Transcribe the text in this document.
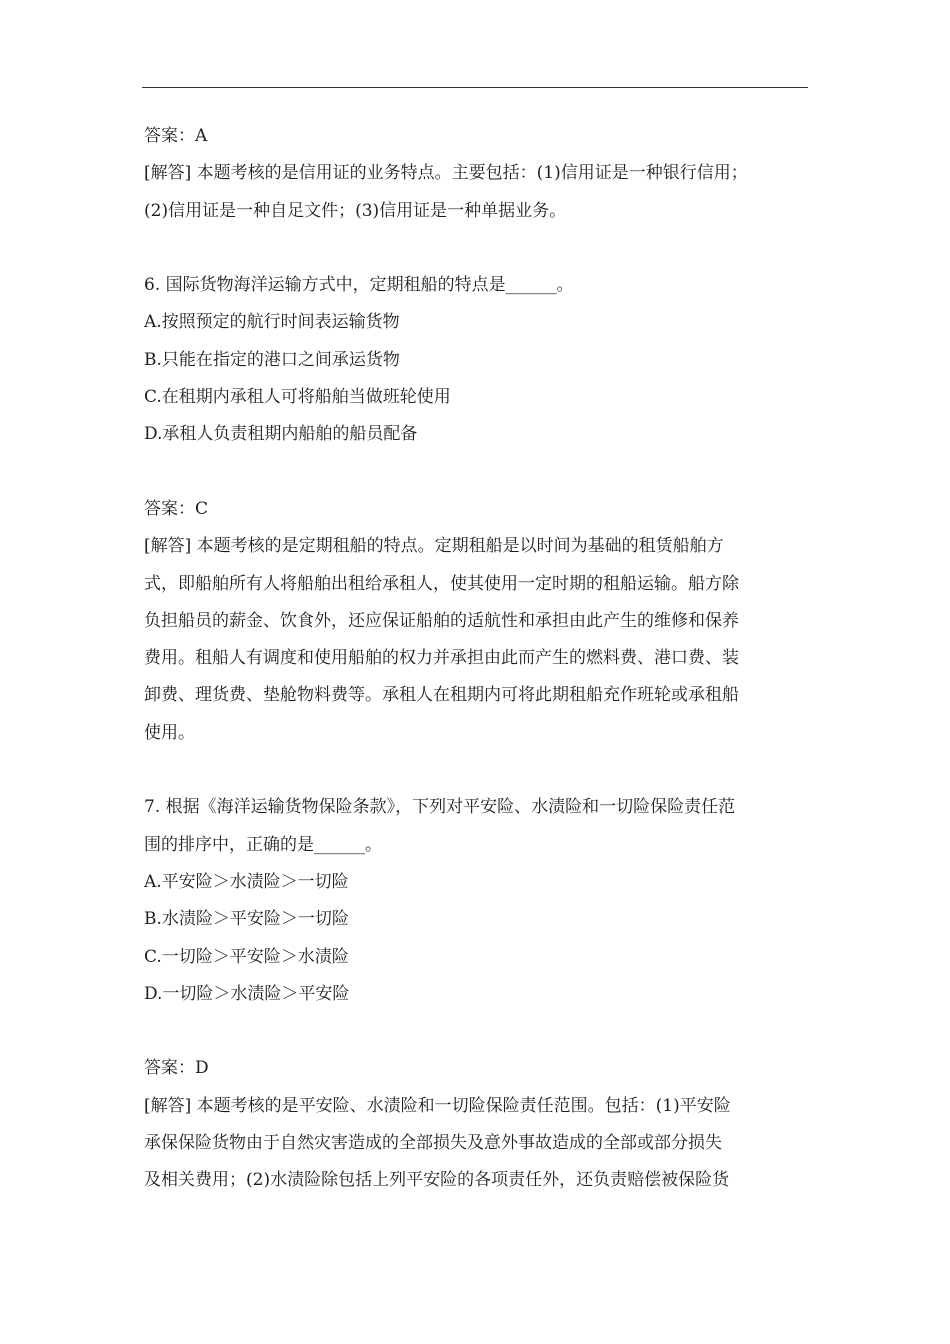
答案：A
[解答] 本题考核的是信用证的业务特点。主要包括：(1)信用证是一种银行信用；
(2)信用证是一种自足文件；(3)信用证是一种单据业务。
6. 国际货物海洋运输方式中，定期租船的特点是______。
A.按照预定的航行时间表运输货物
B.只能在指定的港口之间承运货物
C.在租期内承租人可将船舶当做班轮使用
D.承租人负责租期内船舶的船员配备
答案：C
[解答] 本题考核的是定期租船的特点。定期租船是以时间为基础的租赁船舶方
式，即船舶所有人将船舶出租给承租人，使其使用一定时期的租船运输。船方除
负担船员的薪金、饮食外，还应保证船舶的适航性和承担由此产生的维修和保养
费用。租船人有调度和使用船舶的权力并承担由此而产生的燃料费、港口费、装
卸费、理货费、垫舱物料费等。承租人在租期内可将此期租船充作班轮或承租船
使用。
7. 根据《海洋运输货物保险条款》，下列对平安险、水渍险和一切险保险责任范
围的排序中，正确的是______。
A.平安险＞水渍险＞一切险
B.水渍险＞平安险＞一切险
C.一切险＞平安险＞水渍险
D.一切险＞水渍险＞平安险
答案：D
[解答] 本题考核的是平安险、水渍险和一切险保险责任范围。包括：(1)平安险
承保保险货物由于自然灾害造成的全部损失及意外事故造成的全部或部分损失
及相关费用；(2)水渍险除包括上列平安险的各项责任外，还负责赔偿被保险货
